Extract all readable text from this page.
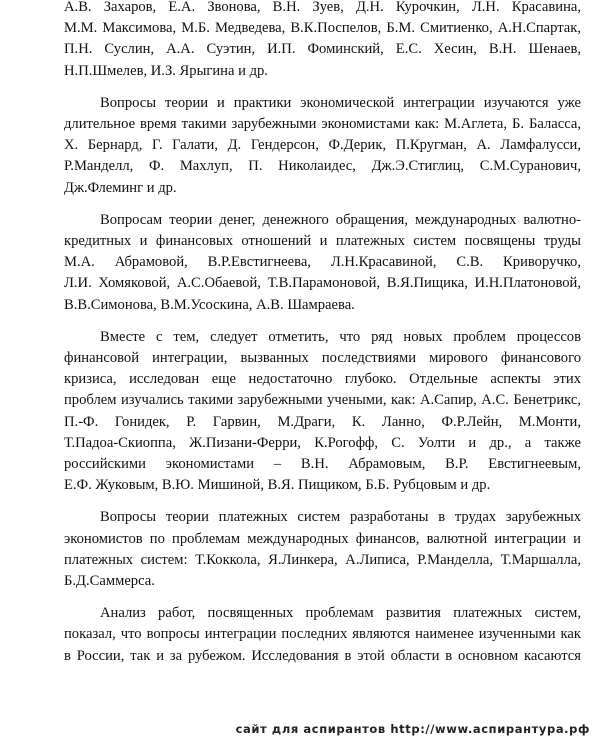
А.В. Захаров, Е.А. Звонова, В.Н. Зуев, Д.Н. Курочкин, Л.Н. Красавина,
М.М. Максимова, М.Б. Медведева, В.К.Поспелов, Б.М. Смитиенко, А.Н.Спартак,
П.Н. Суслин, А.А. Суэтин, И.П. Фоминский, Е.С. Хесин, В.Н. Шенаев,
Н.П.Шмелев, И.З. Ярыгина и др.

Вопросы теории и практики экономической интеграции изучаются уже
длительное время такими зарубежными экономистами как: М.Аглета, Б. Баласса,
Х. Бернард, Г. Галати, Д. Гендерсон, Ф.Дерик, П.Кругман, А. Ламфалусси,
Р.Манделл, Ф. Махлуп, П. Николаидес, Дж.Э.Стиглиц, С.М.Суранович,
Дж.Флеминг и др.

Вопросам теории денег, денежного обращения, международных валютно-
кредитных и финансовых отношений и платежных систем посвящены труды
М.А. Абрамовой, В.Р.Евстигнеева, Л.Н.Красавиной, С.В. Криворучко,
Л.И. Хомяковой, А.С.Обаевой, Т.В.Парамоновой, В.Я.Пищика, И.Н.Платоновой,
В.В.Симонова, В.М.Усоскина, А.В. Шамраева.

Вместе с тем, следует отметить, что ряд новых проблем процессов
финансовой интеграции, вызванных последствиями мирового финансового
кризиса, исследован еще недостаточно глубоко. Отдельные аспекты этих
проблем изучались такими зарубежными учеными, как: А.Сапир, А.С. Бенетрикс,
П.-Ф. Гонидек, Р. Гарвин, М.Драги, К. Ланно, Ф.Р.Лейн, М.Монти,
Т.Падоа-Скиоппа, Ж.Пизани-Ферри, К.Рогофф, С. Уолти и др., а также
российскими экономистами – В.Н. Абрамовым, В.Р. Евстигнеевым,
Е.Ф. Жуковым, В.Ю. Мишиной, В.Я. Пищиком, Б.Б. Рубцовым и др.

Вопросы теории платежных систем разработаны в трудах зарубежных
экономистов по проблемам международных финансов, валютной интеграции и
платежных систем: Т.Коккола, Я.Линкера, А.Липиса, Р.Манделла, Т.Маршалла,
Б.Д.Саммерса.

Анализ работ, посвященных проблемам развития платежных систем,
показал, что вопросы интеграции последних являются наименее изученными как
в России, так и за рубежом. Исследования в этой области в основном касаются

сайт для аспирантов http://www.аспирантура.рф
